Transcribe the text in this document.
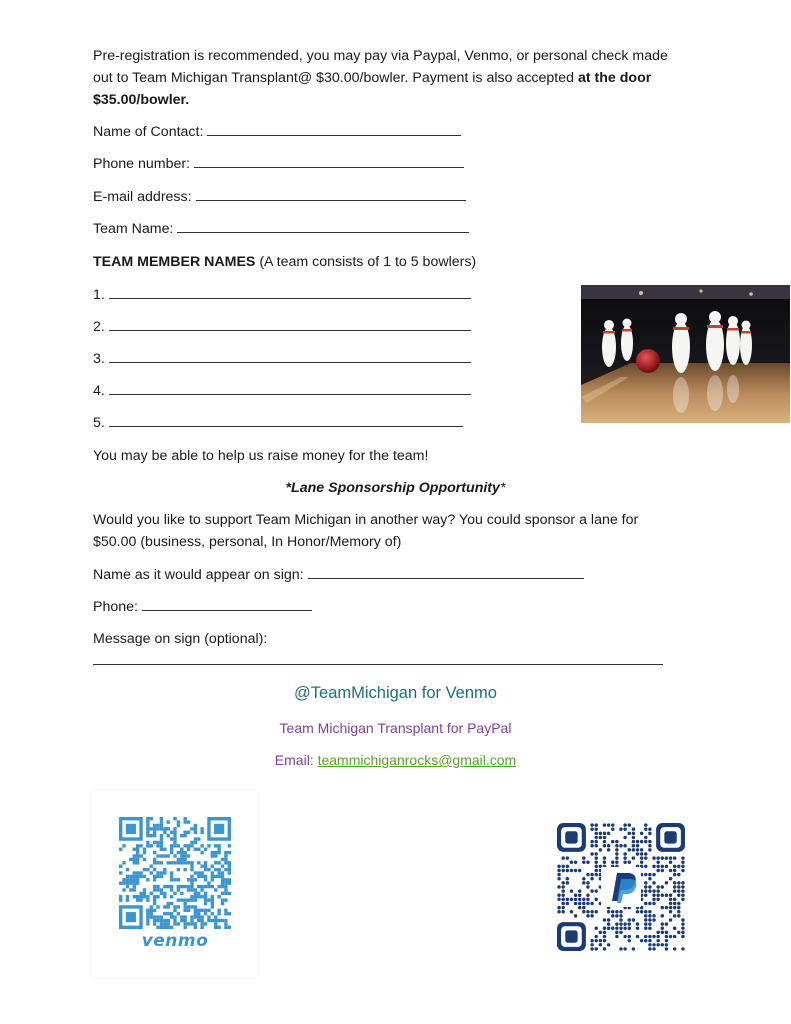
Pre-registration is recommended, you may pay via Paypal, Venmo, or personal check made
out to Team Michigan Transplant@ $30.00/bowler. Payment is also accepted at the door
$35.00/bowler.
Name of Contact:
Phone number:
E-mail address:
Team Name:
TEAM MEMBER NAMES (A team consists of 1 to 5 bowlers)
1.
2.
3.
4.
5.
You may be able to help us raise money for the team!
*Lane Sponsorship Opportunity*
Would you like to support Team Michigan in another way? You could sponsor a lane for
$50.00 (business, personal, In Honor/Memory of)
Name as it would appear on sign:
Phone:
Message on sign (optional):
@TeamMichigan for Venmo
Team Michigan Transplant for PayPal
Email: teammichiganrocks@gmail.com
venmo
